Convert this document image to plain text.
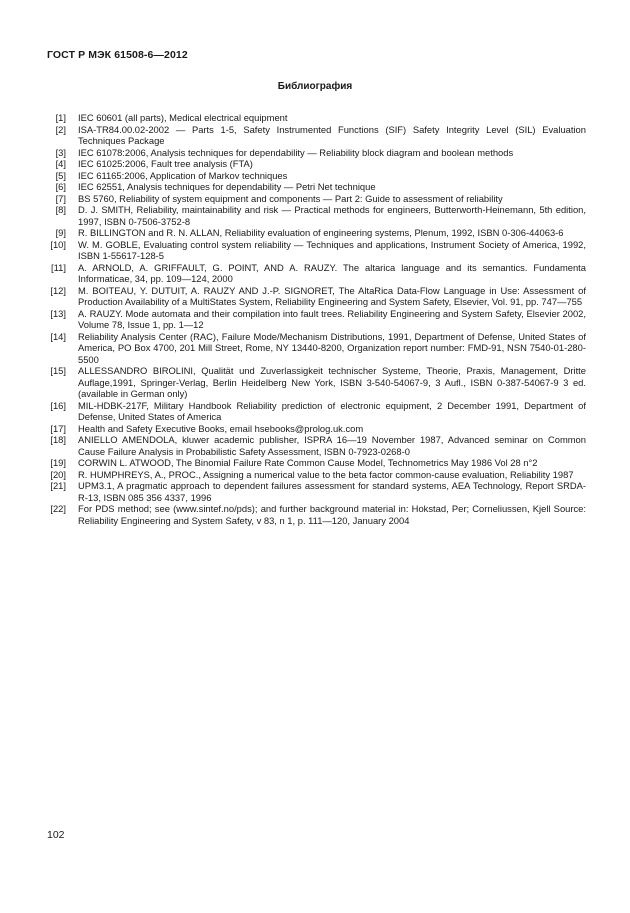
ГОСТ Р МЭК 61508-6—2012
Библиография
[1]	IEC 60601 (all parts), Medical electrical equipment
[2]	ISA-TR84.00.02-2002 — Parts 1-5, Safety Instrumented Functions (SIF) Safety Integrity Level (SIL) Evaluation Techniques Package
[3]	IEC 61078:2006, Analysis techniques for dependability — Reliability block diagram and boolean methods
[4]	IEC 61025:2006, Fault tree analysis (FTA)
[5]	IEC 61165:2006, Application of Markov techniques
[6]	IEC 62551, Analysis techniques for dependability — Petri Net technique
[7]	BS 5760, Reliability of system equipment and components — Part 2: Guide to assessment of reliability
[8]	D. J. SMITH, Reliability, maintainability and risk — Practical methods for engineers, Butterworth-Heinemann, 5th edition, 1997, ISBN 0-7506-3752-8
[9]	R. BILLINGTON and R. N. ALLAN, Reliability evaluation of engineering systems, Plenum, 1992, ISBN 0-306-44063-6
[10]	W. M. GOBLE, Evaluating control system reliability — Techniques and applications, Instrument Society of America, 1992, ISBN 1-55617-128-5
[11]	A. ARNOLD, A. GRIFFAULT, G. POINT, AND A. RAUZY. The altarica language and its semantics. Fundamenta Informaticae, 34, pp. 109—124, 2000
[12]	M. BOITEAU, Y. DUTUIT, A. RAUZY AND J.-P. SIGNORET, The AltaRica Data-Flow Language in Use: Assessment of Production Availability of a MultiStates System, Reliability Engineering and System Safety, Elsevier, Vol. 91, pp. 747—755
[13]	A. RAUZY. Mode automata and their compilation into fault trees. Reliability Engineering and System Safety, Elsevier 2002, Volume 78, Issue 1, pp. 1—12
[14]	Reliability Analysis Center (RAC), Failure Mode/Mechanism Distributions, 1991, Department of Defense, United States of America, PO Box 4700, 201 Mill Street, Rome, NY 13440-8200, Organization report number: FMD-91, NSN 7540-01-280-5500
[15]	ALLESSANDRO BIROLINI, Qualität und Zuverlassigkeit technischer Systeme, Theorie, Praxis, Management, Dritte Auflage,1991, Springer-Verlag, Berlin Heidelberg New York, ISBN 3-540-54067-9, 3 Aufl., ISBN 0-387-54067-9 3 ed. (available in German only)
[16]	MIL-HDBK-217F, Military Handbook Reliability prediction of electronic equipment, 2 December 1991, Department of Defense, United States of America
[17]	Health and Safety Executive Books, email hsebooks@prolog.uk.com
[18]	ANIELLO AMENDOLA, kluwer academic publisher, ISPRA 16—19 November 1987, Advanced seminar on Common Cause Failure Analysis in Probabilistic Safety Assessment, ISBN 0-7923-0268-0
[19]	CORWIN L. ATWOOD, The Binomial Failure Rate Common Cause Model, Technometrics May 1986 Vol 28 n°2
[20]	R. HUMPHREYS, A., PROC., Assigning a numerical value to the beta factor common-cause evaluation, Reliability 1987
[21]	UPM3.1, A pragmatic approach to dependent failures assessment for standard systems, AEA Technology, Report SRDA-R-13, ISBN 085 356 4337, 1996
[22]	For PDS method; see (www.sintef.no/pds); and further background material in: Hokstad, Per; Corneliussen, Kjell Source: Reliability Engineering and System Safety, v 83, n 1, p. 111—120, January 2004
102
